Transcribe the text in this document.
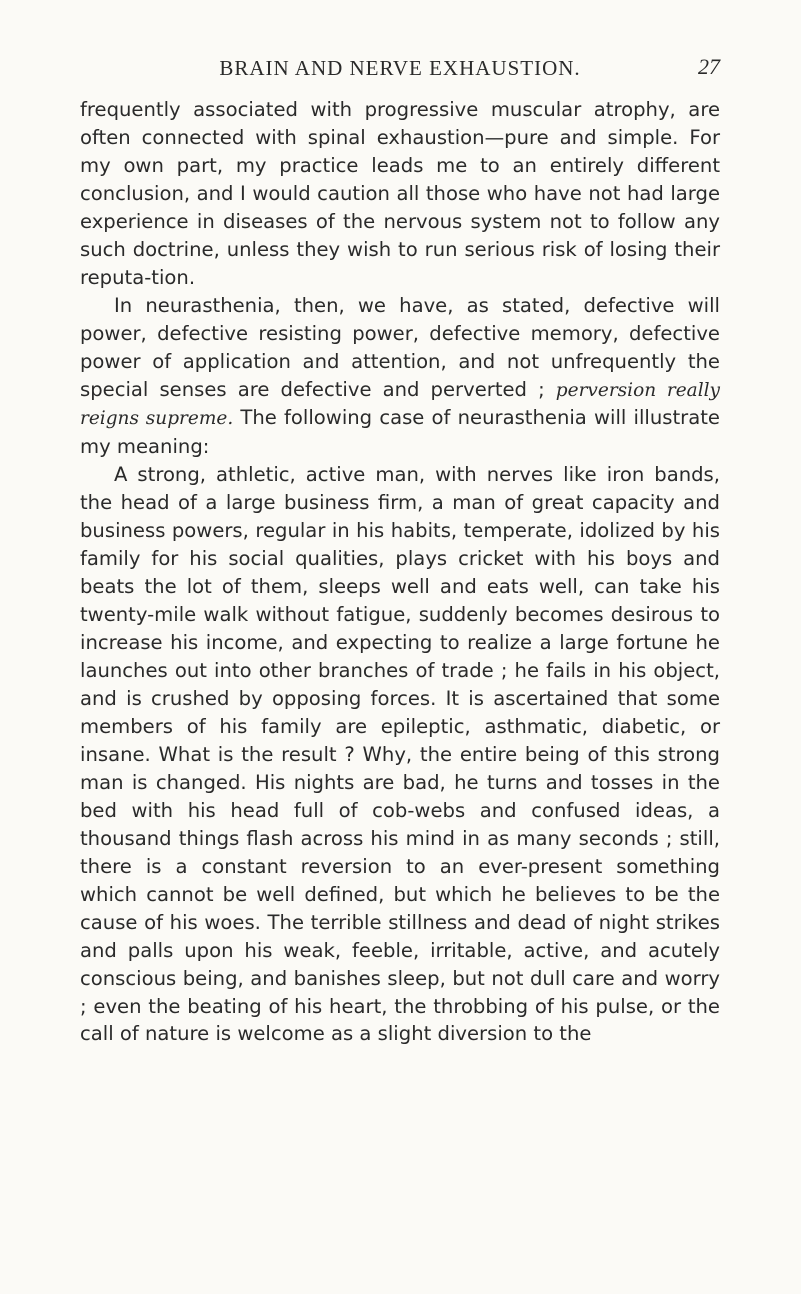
BRAIN AND NERVE EXHAUSTION.	27

frequently associated with progressive muscular atrophy, are often connected with spinal exhaustion—pure and simple. For my own part, my practice leads me to an entirely different conclusion, and I would caution all those who have not had large experience in diseases of the nervous system not to follow any such doctrine, unless they wish to run serious risk of losing their reputa-tion.

In neurasthenia, then, we have, as stated, defective will power, defective resisting power, defective memory, defective power of application and attention, and not unfrequently the special senses are defective and perverted ; perversion really reigns supreme. The following case of neurasthenia will illustrate my meaning:

A strong, athletic, active man, with nerves like iron bands, the head of a large business firm, a man of great capacity and business powers, regular in his habits, temperate, idolized by his family for his social qualities, plays cricket with his boys and beats the lot of them, sleeps well and eats well, can take his twenty-mile walk without fatigue, suddenly becomes desirous to increase his income, and expecting to realize a large fortune he launches out into other branches of trade ; he fails in his object, and is crushed by opposing forces. It is ascertained that some members of his family are epileptic, asthmatic, diabetic, or insane. What is the result ? Why, the entire being of this strong man is changed. His nights are bad, he turns and tosses in the bed with his head full of cob-webs and confused ideas, a thousand things flash across his mind in as many seconds ; still, there is a constant reversion to an ever-present something which cannot be well defined, but which he believes to be the cause of his woes. The terrible stillness and dead of night strikes and palls upon his weak, feeble, irritable, active, and acutely conscious being, and banishes sleep, but not dull care and worry ; even the beating of his heart, the throbbing of his pulse, or the call of nature is welcome as a slight diversion to the
